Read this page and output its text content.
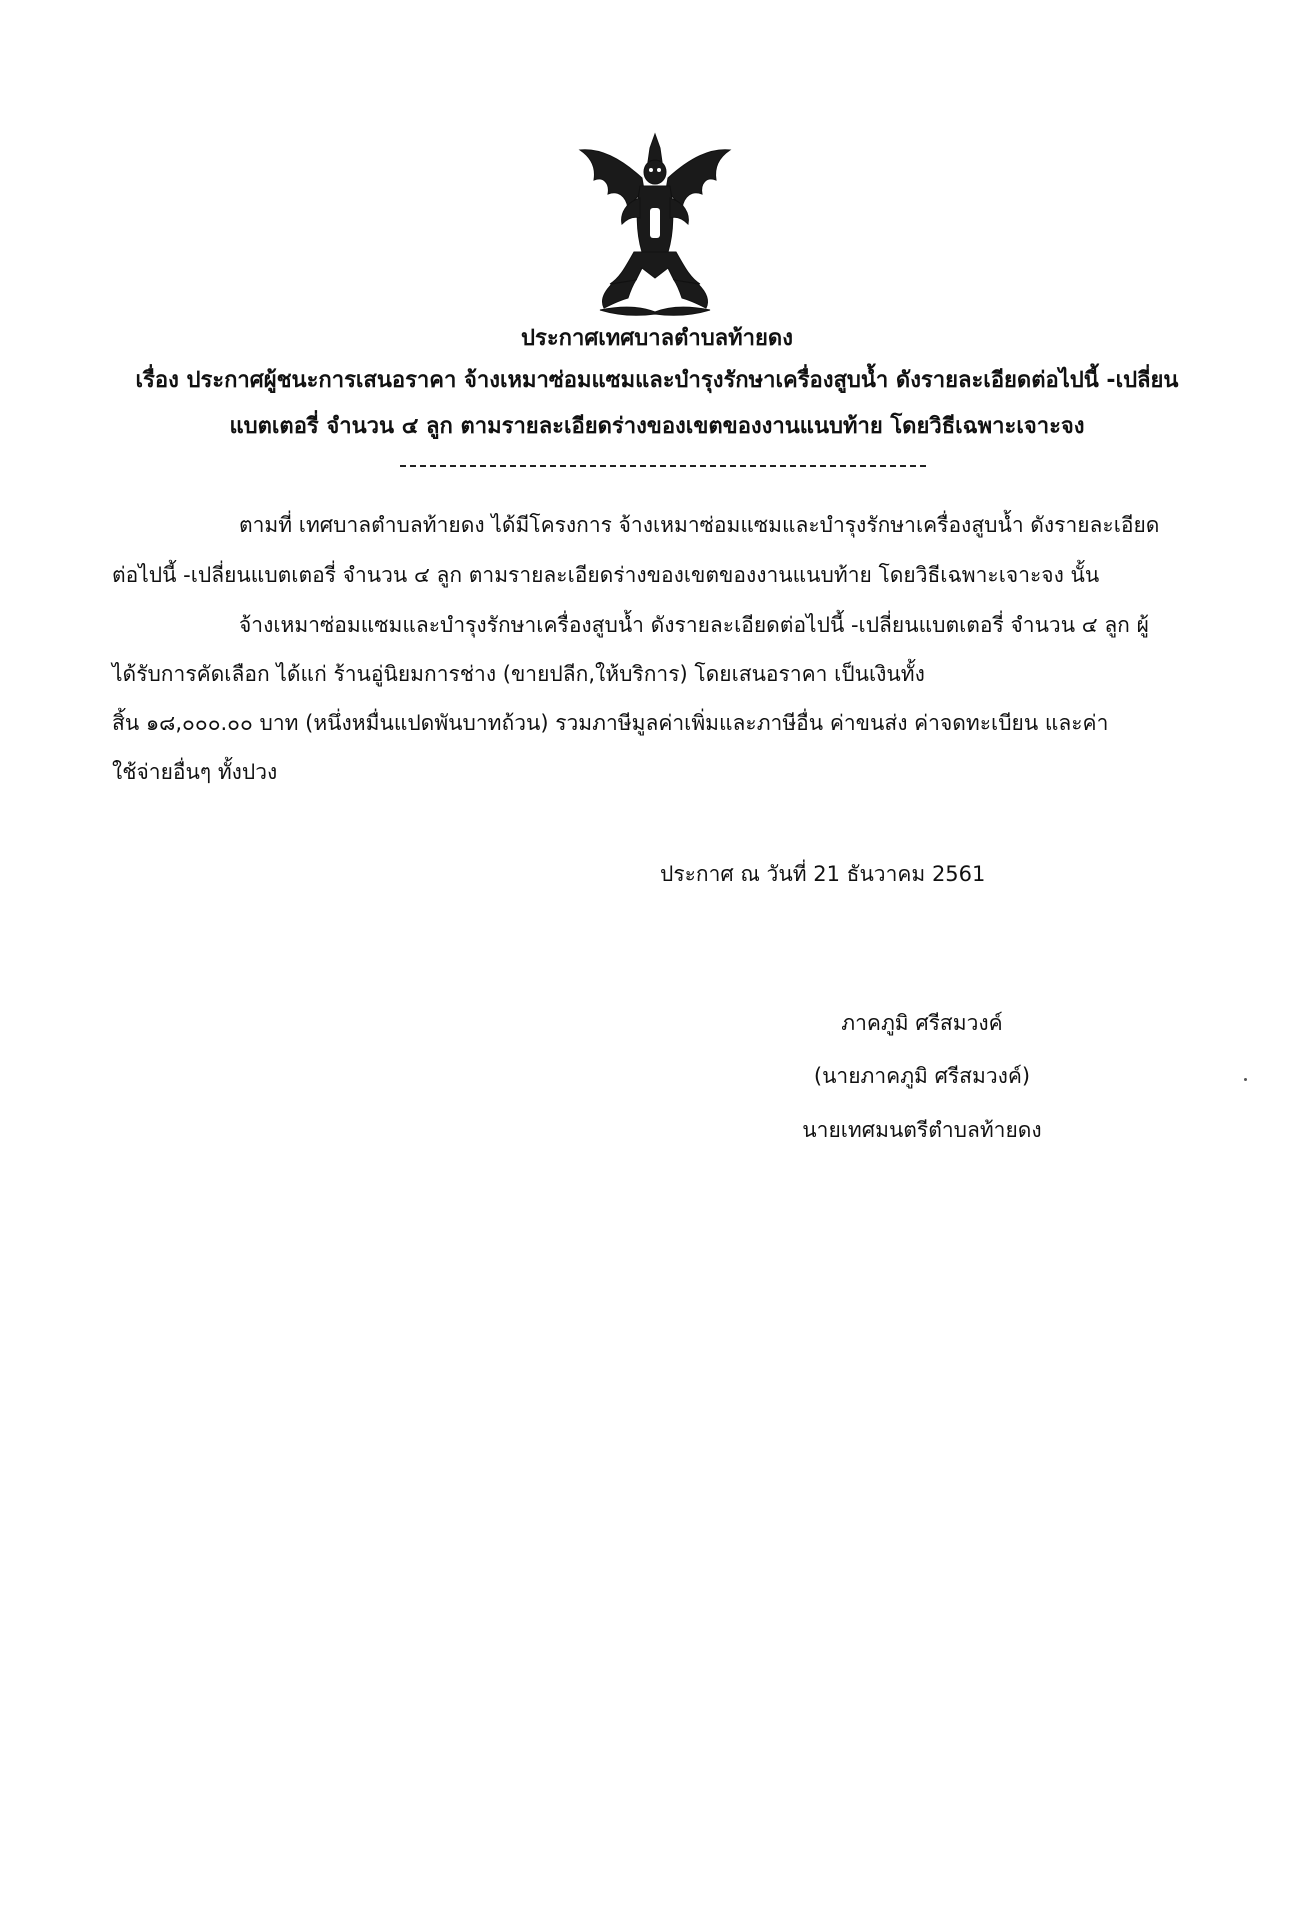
ประกาศเทศบาลตำบลท้ายดง
เรื่อง ประกาศผู้ชนะการเสนอราคา จ้างเหมาซ่อมแซมและบำรุงรักษาเครื่องสูบน้ำ ดังรายละเอียดต่อไปนี้ -เปลี่ยน
แบตเตอรี่ จำนวน ๔ ลูก ตามรายละเอียดร่างของเขตของงานแนบท้าย โดยวิธีเฉพาะเจาะจง
ตามที่ เทศบาลตำบลท้ายดง ได้มีโครงการ จ้างเหมาซ่อมแซมและบำรุงรักษาเครื่องสูบน้ำ ดังรายละเอียด
ต่อไปนี้ -เปลี่ยนแบตเตอรี่ จำนวน ๔ ลูก ตามรายละเอียดร่างของเขตของงานแนบท้าย โดยวิธีเฉพาะเจาะจง นั้น
จ้างเหมาซ่อมแซมและบำรุงรักษาเครื่องสูบน้ำ ดังรายละเอียดต่อไปนี้ -เปลี่ยนแบตเตอรี่ จำนวน ๔ ลูก ผู้
ได้รับการคัดเลือก ได้แก่ ร้านอู่นิยมการช่าง (ขายปลีก,ให้บริการ) โดยเสนอราคา เป็นเงินทั้ง
สิ้น ๑๘,๐๐๐.๐๐ บาท (หนึ่งหมื่นแปดพันบาทถ้วน) รวมภาษีมูลค่าเพิ่มและภาษีอื่น ค่าขนส่ง ค่าจดทะเบียน และค่า
ใช้จ่ายอื่นๆ ทั้งปวง
ประกาศ ณ วันที่ 21 ธันวาคม 2561
ภาคภูมิ ศรีสมวงค์
(นายภาคภูมิ ศรีสมวงค์)
นายเทศมนตรีตำบลท้ายดง
